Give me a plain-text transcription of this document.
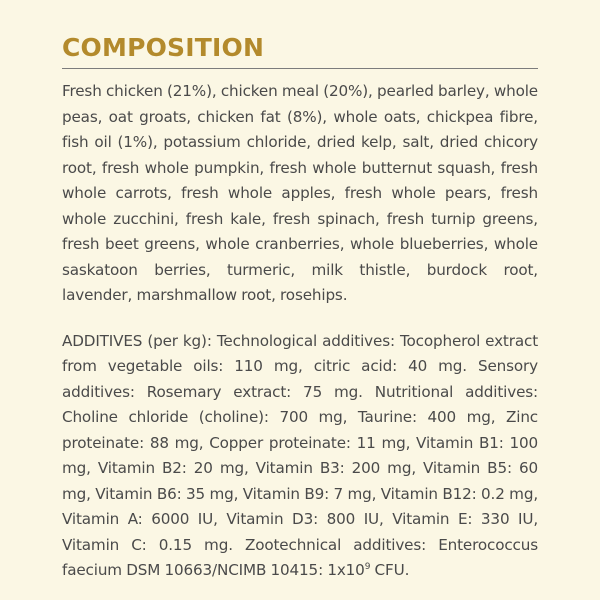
COMPOSITION

Fresh chicken (21%), chicken meal (20%), pearled barley, whole peas, oat groats, chicken fat (8%), whole oats, chickpea fibre, fish oil (1%), potassium chloride, dried kelp, salt, dried chicory root, fresh whole pumpkin, fresh whole butternut squash, fresh whole carrots, fresh whole apples, fresh whole pears, fresh whole zucchini, fresh kale, fresh spinach, fresh turnip greens, fresh beet greens, whole cranberries, whole blueberries, whole saskatoon berries, turmeric, milk thistle, burdock root, lavender, marshmallow root, rosehips.

ADDITIVES (per kg): Technological additives: Tocopherol extract from vegetable oils: 110 mg, citric acid: 40 mg. Sensory additives: Rosemary extract: 75 mg. Nutritional additives: Choline chloride (choline): 700 mg, Taurine: 400 mg, Zinc proteinate: 88 mg, Copper proteinate: 11 mg, Vitamin B1: 100 mg, Vitamin B2: 20 mg, Vitamin B3: 200 mg, Vitamin B5: 60 mg, Vitamin B6: 35 mg, Vitamin B9: 7 mg, Vitamin B12: 0.2 mg, Vitamin A: 6000 IU, Vitamin D3: 800 IU, Vitamin E: 330 IU, Vitamin C: 0.15 mg. Zootechnical additives: Enterococcus faecium DSM 10663/NCIMB 10415: $1x10^9$ CFU.
